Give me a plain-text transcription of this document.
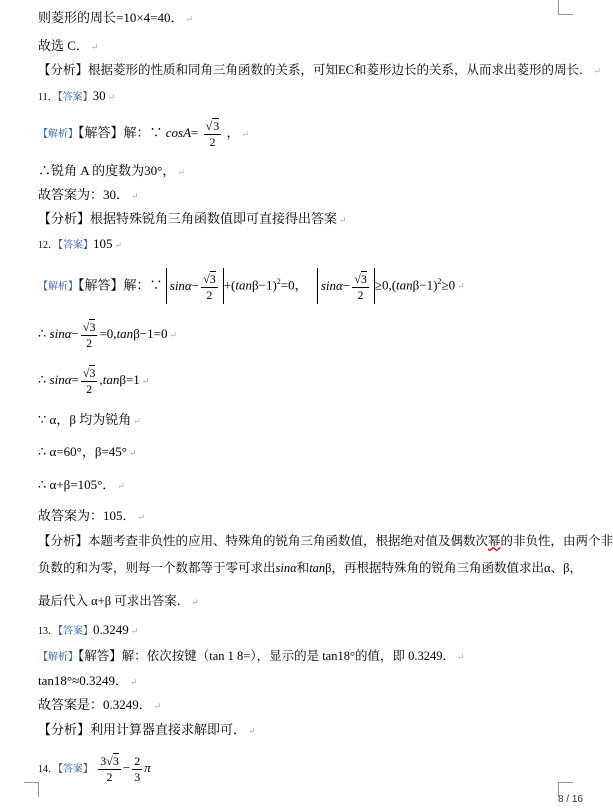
则菱形的周长=10×4=40． ↵
故选 C． ↵
【分析】根据菱形的性质和同角三角函数的关系，可知EC和菱形边长的关系，从而求出菱形的周长． ↵
11．【答案】30 ↵
【解析】【解答】解：∵ $\cos A= \frac{√3}{2}$ ， ↵
∴锐角 A 的度数为30°， ↵
故答案为：30． ↵
【分析】根据特殊锐角三角函数值即可直接得出答案 ↵
12．【答案】105 ↵
【解析】【解答】解：∵ $\sin\alpha- \frac{√3}{2} +(\tan\beta-1)^2=0$， $\sin\alpha- \frac{√3}{2} \ge 0,(\tan\beta-1)^2\ge 0$ ↵
∴ $\sin\alpha- \frac{√3}{2} =0,\tan\beta-1=0$ ↵
∴ $\sin\alpha= \frac{√3}{2} ,\tan\beta=1$ ↵
∵ α，β 均为锐角 ↵
∴ α=60°，β=45° ↵
∴ α+β=105°． ↵
故答案为：105． ↵
【分析】本题考查非负性的应用、特殊角的锐角三角函数值，根据绝对值及偶数次幂的非负性，由两个非
负数的和为零，则每一个数都等于零可求出sinα和tanβ，再根据特殊角的锐角三角函数值求出α、β，
最后代入 α+β 可求出答案． ↵
13．【答案】0.3249 ↵
【解析】【解答】解：依次按键（tan 1 8=），显示的是 tan18°的值，即 0.3249． ↵
tan18°≈0.3249． ↵
故答案是：0.3249． ↵
【分析】利用计算器直接求解即可． ↵
14．【答案】 $\frac{3√3}{2} - \frac{2}{3}$ π
8 / 16
